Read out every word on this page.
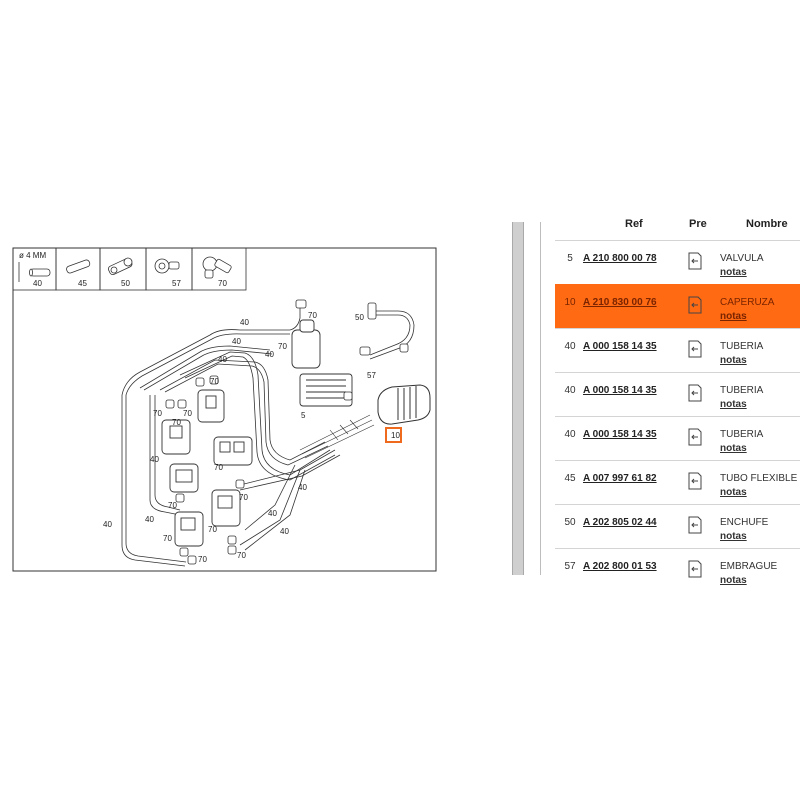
ø 4 MM
40	45	50	57	70
40
40
40
40
40
40
40
40
40
40
70
70
70
70	70
70
70
70
70
70
70
70	70
50
57
5
10
Ref	Pre	Nombre
5	A 210 800 00 78	VALVULA
notas
10 A 210 830 00 76	CAPERUZA
notas
40 A 000 158 14 35	TUBERIA
notas
40 A 000 158 14 35	TUBERIA
notas
40 A 000 158 14 35	TUBERIA
notas
45 A 007 997 61 82	TUBO FLEXIBLE
notas
50 A 202 805 02 44	ENCHUFE
notas
57 A 202 800 01 53	EMBRAGUE
notas
